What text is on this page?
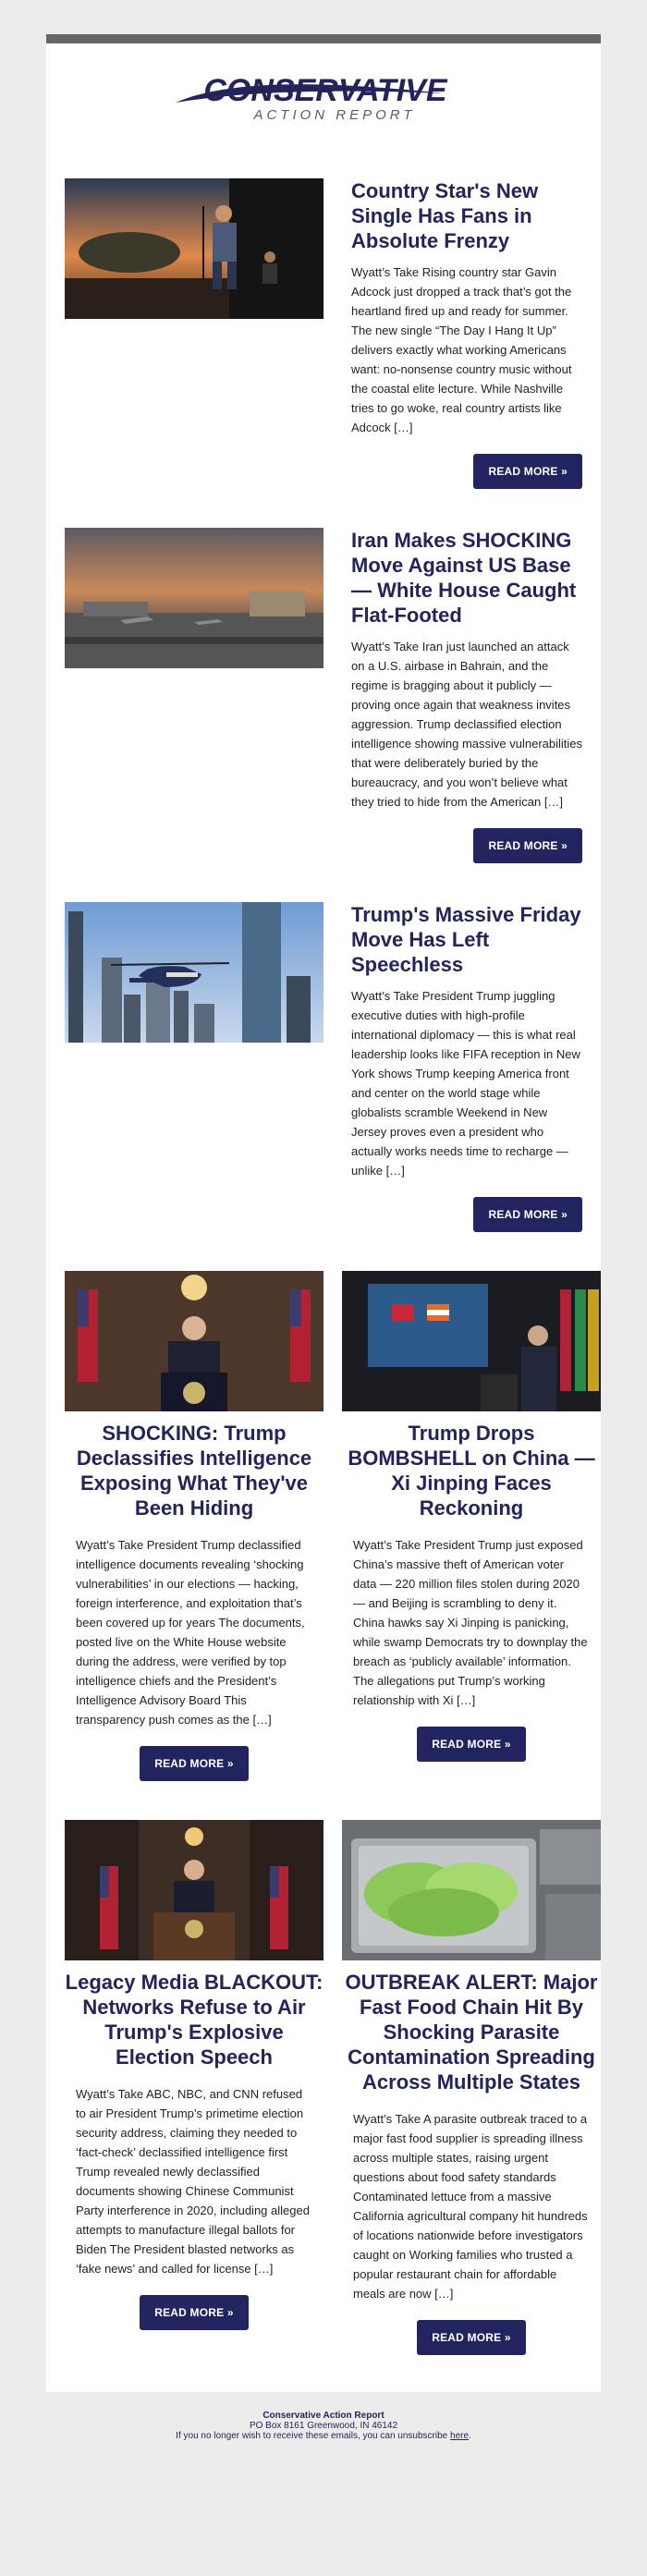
CONSERVATIVE
ACTION REPORT
Country Star's New Single Has Fans in Absolute Frenzy
Wyatt’s Take Rising country star Gavin Adcock just dropped a track that’s got the heartland fired up and ready for summer. The new single “The Day I Hang It Up” delivers exactly what working Americans want: no-nonsense country music without the coastal elite lecture. While Nashville tries to go woke, real country artists like Adcock […]
READ MORE »
Iran Makes SHOCKING Move Against US Base — White House Caught Flat-Footed
Wyatt’s Take Iran just launched an attack on a U.S. airbase in Bahrain, and the regime is bragging about it publicly — proving once again that weakness invites aggression. Trump declassified election intelligence showing massive vulnerabilities that were deliberately buried by the bureaucracy, and you won’t believe what they tried to hide from the American […]
READ MORE »
Trump's Massive Friday Move Has Left Speechless
Wyatt’s Take President Trump juggling executive duties with high-profile international diplomacy — this is what real leadership looks like FIFA reception in New York shows Trump keeping America front and center on the world stage while globalists scramble Weekend in New Jersey proves even a president who actually works needs time to recharge — unlike […]
READ MORE »
SHOCKING: Trump Declassifies Intelligence Exposing What They've Been Hiding
Wyatt’s Take President Trump declassified intelligence documents revealing ‘shocking vulnerabilities’ in our elections — hacking, foreign interference, and exploitation that’s been covered up for years The documents, posted live on the White House website during the address, were verified by top intelligence chiefs and the President’s Intelligence Advisory Board This transparency push comes as the […]
READ MORE »
Trump Drops BOMBSHELL on China — Xi Jinping Faces Reckoning
Wyatt’s Take President Trump just exposed China’s massive theft of American voter data — 220 million files stolen during 2020 — and Beijing is scrambling to deny it. China hawks say Xi Jinping is panicking, while swamp Democrats try to downplay the breach as ‘publicly available’ information. The allegations put Trump’s working relationship with Xi […]
READ MORE »
Legacy Media BLACKOUT: Networks Refuse to Air Trump's Explosive Election Speech
Wyatt’s Take ABC, NBC, and CNN refused to air President Trump’s primetime election security address, claiming they needed to ‘fact-check’ declassified intelligence first Trump revealed newly declassified documents showing Chinese Communist Party interference in 2020, including alleged attempts to manufacture illegal ballots for Biden The President blasted networks as ‘fake news’ and called for license […]
READ MORE »
OUTBREAK ALERT: Major Fast Food Chain Hit By Shocking Parasite Contamination Spreading Across Multiple States
Wyatt’s Take A parasite outbreak traced to a major fast food supplier is spreading illness across multiple states, raising urgent questions about food safety standards Contaminated lettuce from a massive California agricultural company hit hundreds of locations nationwide before investigators caught on Working families who trusted a popular restaurant chain for affordable meals are now […]
READ MORE »
Conservative Action Report
PO Box 8161 Greenwood, IN 46142
If you no longer wish to receive these emails, you can unsubscribe here.
